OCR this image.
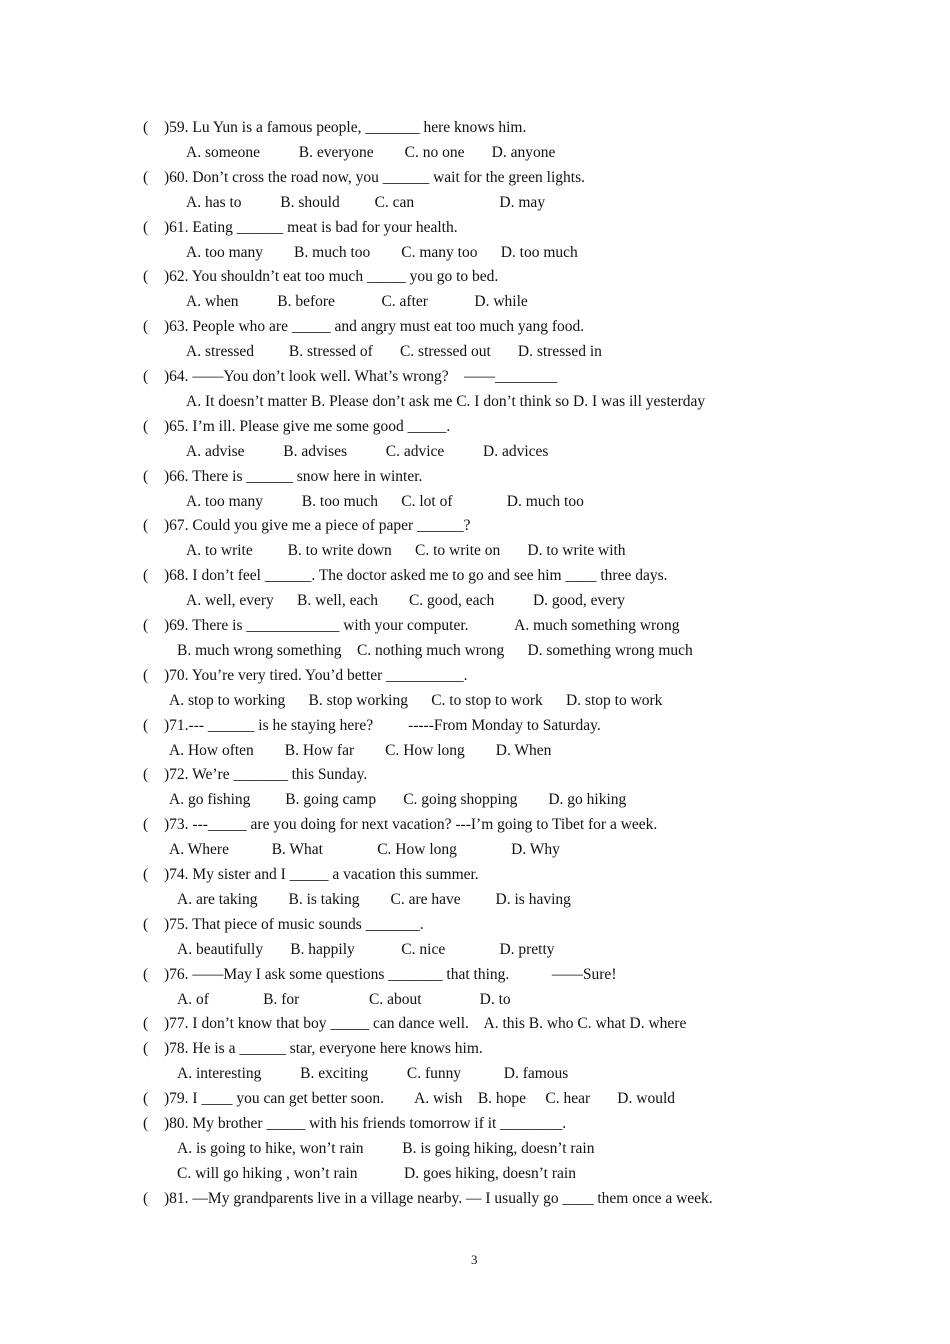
( )59. Lu Yun is a famous people, _______ here knows him.
A. someone          B. everyone        C. no one       D. anyone
( )60. Don’t cross the road now, you ______ wait for the green lights.
A. has to          B. should         C. can                      D. may
( )61. Eating ______ meat is bad for your health.
A. too many        B. much too        C. many too      D. too much
( )62. You shouldn’t eat too much _____ you go to bed.
A. when          B. before            C. after            D. while
( )63. People who are _____ and angry must eat too much yang food.
A. stressed         B. stressed of       C. stressed out       D. stressed in
( )64. ——You don’t look well. What’s wrong?    ——________
A. It doesn’t matter B. Please don’t ask me C. I don’t think so D. I was ill yesterday
( )65. I’m ill. Please give me some good _____.
A. advise          B. advises          C. advice          D. advices
( )66. There is ______ snow here in winter.
A. too many          B. too much      C. lot of              D. much too
( )67. Could you give me a piece of paper ______?
A. to write         B. to write down      C. to write on       D. to write with
( )68. I don’t feel ______. The doctor asked me to go and see him ____ three days.
A. well, every      B. well, each        C. good, each          D. good, every
( )69. There is ____________ with your computer.            A. much something wrong
B. much wrong something    C. nothing much wrong      D. something wrong much
( )70. You’re very tired. You’d better __________.
A. stop to working      B. stop working      C. to stop to work      D. stop to work
( )71.--- ______ is he staying here?         -----From Monday to Saturday.
A. How often        B. How far        C. How long        D. When
( )72. We’re _______ this Sunday.
A. go fishing         B. going camp       C. going shopping        D. go hiking
( )73. ---_____ are you doing for next vacation? ---I’m going to Tibet for a week.
A. Where           B. What              C. How long              D. Why
( )74. My sister and I _____ a vacation this summer.
A. are taking        B. is taking        C. are have         D. is having
( )75. That piece of music sounds _______.
A. beautifully       B. happily            C. nice              D. pretty
( )76. ——May I ask some questions _______ that thing.           ——Sure!
A. of              B. for                  C. about               D. to
( )77. I don’t know that boy _____ can dance well.    A. this B. who C. what D. where
( )78. He is a ______ star, everyone here knows him.
A. interesting          B. exciting          C. funny           D. famous
( )79. I ____ you can get better soon.        A. wish    B. hope     C. hear       D. would
( )80. My brother _____ with his friends tomorrow if it ________.
A. is going to hike, won’t rain          B. is going hiking, doesn’t rain
C. will go hiking , won’t rain            D. goes hiking, doesn’t rain
( )81. —My grandparents live in a village nearby. — I usually go ____ them once a week.
3
